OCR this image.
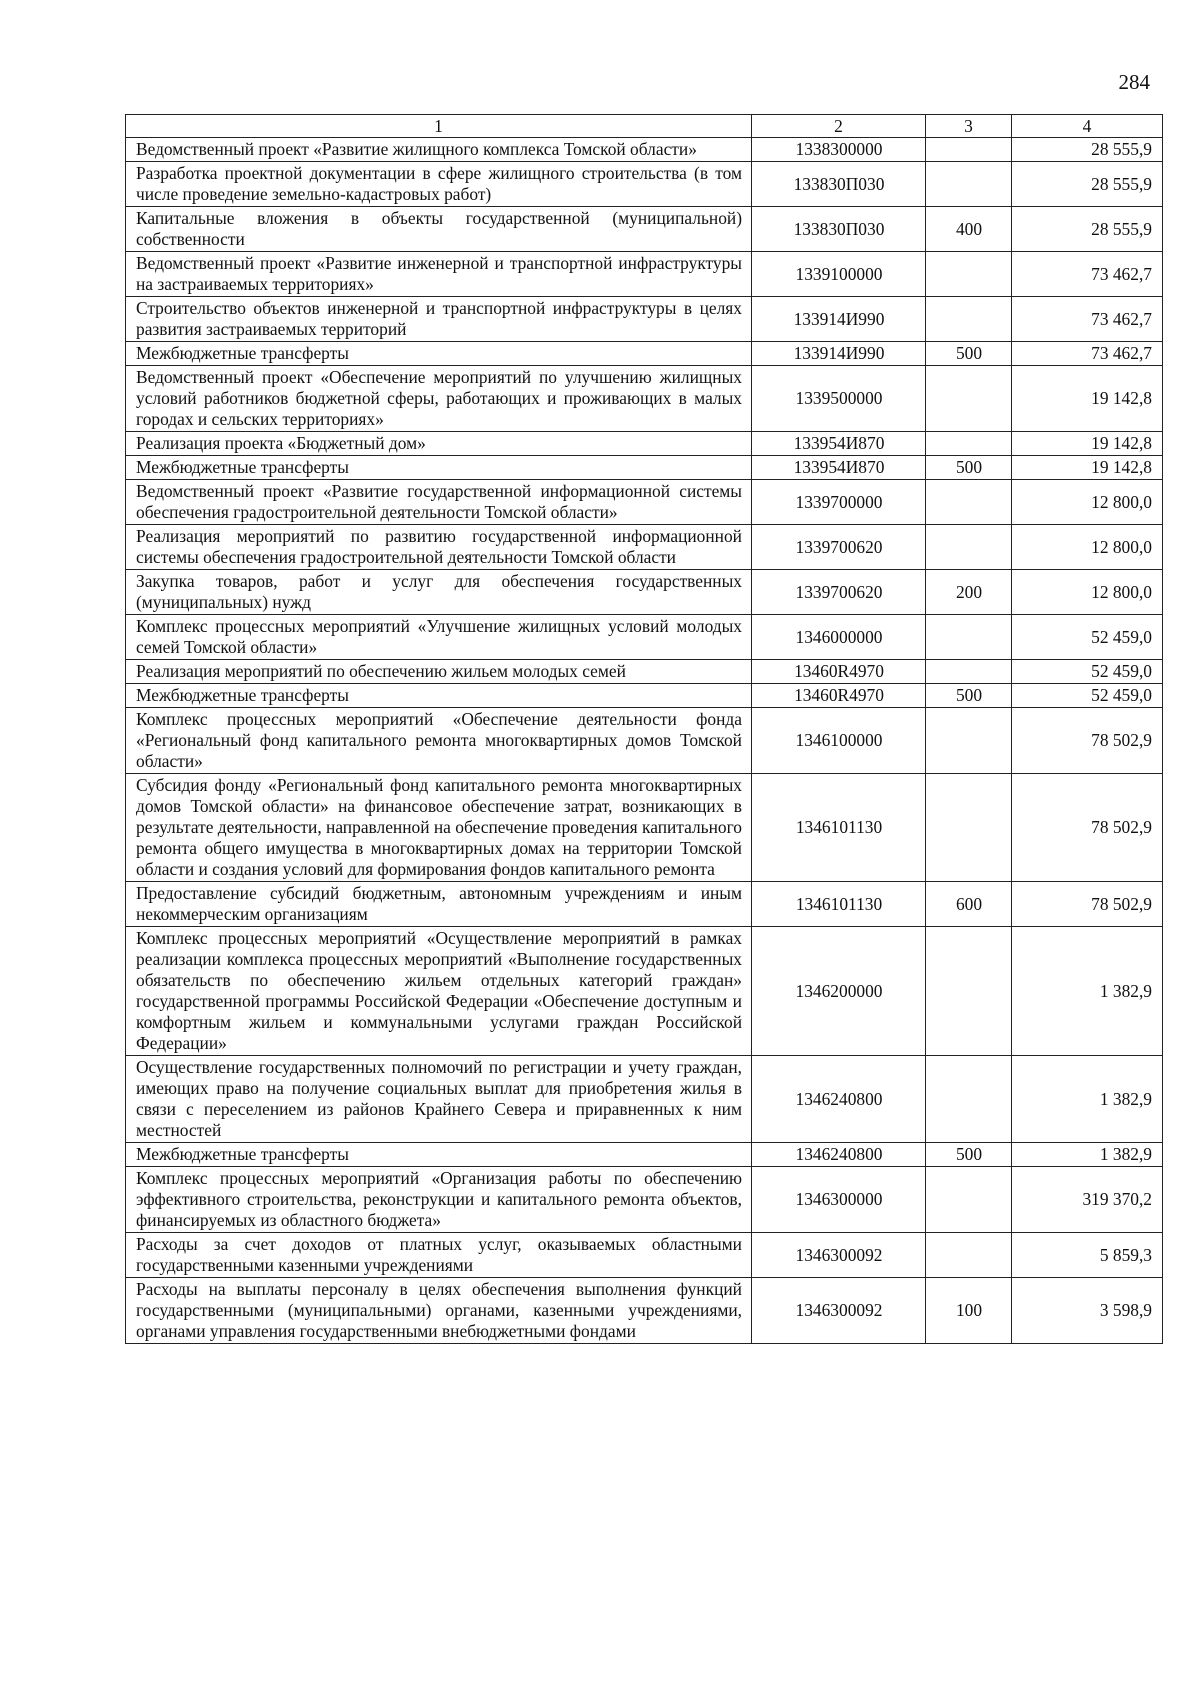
284
1	2	3	4
Ведомственный проект «Развитие жилищного комплекса Томской области»	1338300000		28 555,9
Разработка проектной документации в сфере жилищного строительства (в том числе проведение земельно-кадастровых работ)	133830П030		28 555,9
Капитальные вложения в объекты государственной (муниципальной) собственности	133830П030	400	28 555,9
Ведомственный проект «Развитие инженерной и транспортной инфраструктуры на застраиваемых территориях»	1339100000		73 462,7
Строительство объектов инженерной и транспортной инфраструктуры в целях развития застраиваемых территорий	133914И990		73 462,7
Межбюджетные трансферты	133914И990	500	73 462,7
Ведомственный проект «Обеспечение мероприятий по улучшению жилищных условий работников бюджетной сферы, работающих и проживающих в малых городах и сельских территориях»	1339500000		19 142,8
Реализация проекта «Бюджетный дом»	133954И870		19 142,8
Межбюджетные трансферты	133954И870	500	19 142,8
Ведомственный проект «Развитие государственной информационной системы обеспечения градостроительной деятельности Томской области»	1339700000		12 800,0
Реализация мероприятий по развитию государственной информационной системы обеспечения градостроительной деятельности Томской области	1339700620		12 800,0
Закупка товаров, работ и услуг для обеспечения государственных (муниципальных) нужд	1339700620	200	12 800,0
Комплекс процессных мероприятий «Улучшение жилищных условий молодых семей Томской области»	1346000000		52 459,0
Реализация мероприятий по обеспечению жильем молодых семей	13460R4970		52 459,0
Межбюджетные трансферты	13460R4970	500	52 459,0
Комплекс процессных мероприятий «Обеспечение деятельности фонда «Региональный фонд капитального ремонта многоквартирных домов Томской области»	1346100000		78 502,9
Субсидия фонду «Региональный фонд капитального ремонта многоквартирных домов Томской области» на финансовое обеспечение затрат, возникающих в результате деятельности, направленной на обеспечение проведения капитального ремонта общего имущества в многоквартирных домах на территории Томской области и создания условий для формирования фондов капитального ремонта	1346101130		78 502,9
Предоставление субсидий бюджетным, автономным учреждениям и иным некоммерческим организациям	1346101130	600	78 502,9
Комплекс процессных мероприятий «Осуществление мероприятий в рамках реализации комплекса процессных мероприятий «Выполнение государственных обязательств по обеспечению жильем отдельных категорий граждан» государственной программы Российской Федерации «Обеспечение доступным и комфортным жильем и коммунальными услугами граждан Российской Федерации»	1346200000		1 382,9
Осуществление государственных полномочий по регистрации и учету граждан, имеющих право на получение социальных выплат для приобретения жилья в связи с переселением из районов Крайнего Севера и приравненных к ним местностей	1346240800		1 382,9
Межбюджетные трансферты	1346240800	500	1 382,9
Комплекс процессных мероприятий «Организация работы по обеспечению эффективного строительства, реконструкции и капитального ремонта объектов, финансируемых из областного бюджета»	1346300000		319 370,2
Расходы за счет доходов от платных услуг, оказываемых областными государственными казенными учреждениями	1346300092		5 859,3
Расходы на выплаты персоналу в целях обеспечения выполнения функций государственными (муниципальными) органами, казенными учреждениями, органами управления государственными внебюджетными фондами	1346300092	100	3 598,9
